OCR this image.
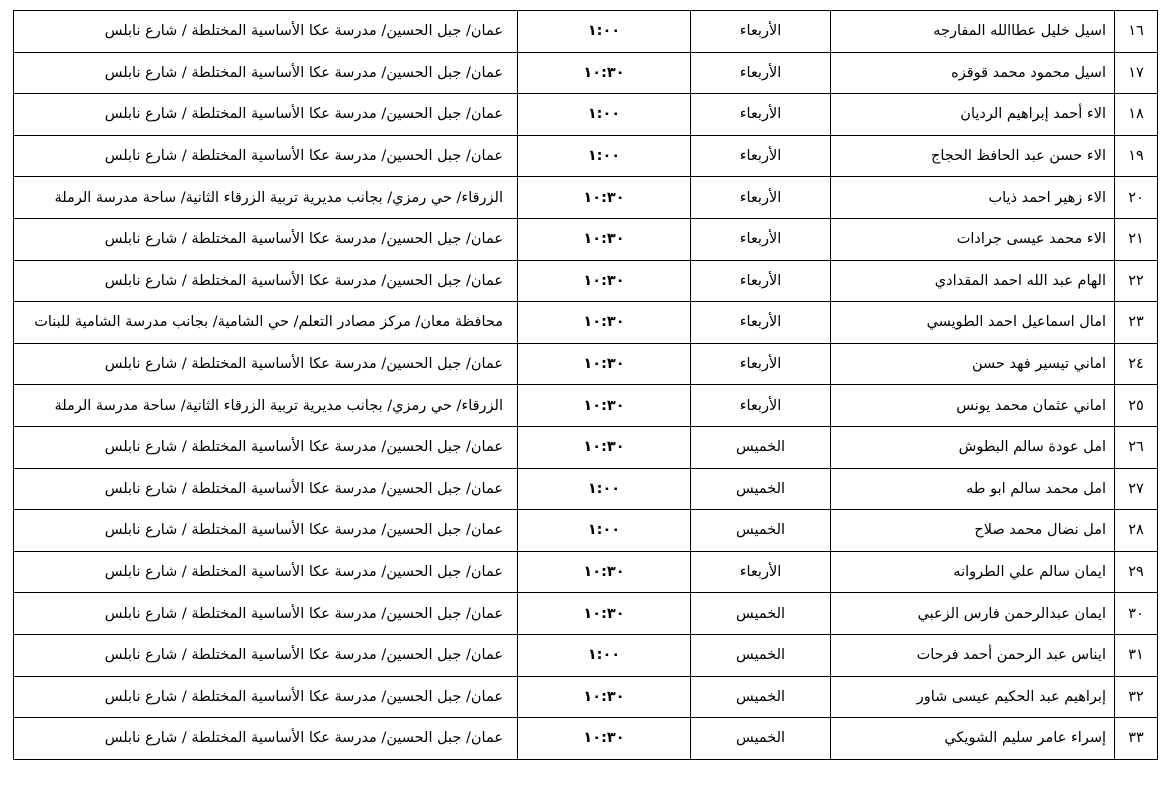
١٦	اسيل خليل عطاالله المفارجه	الأربعاء	١:٠٠	عمان/ جبل الحسين/ مدرسة عكا الأساسية المختلطة / شارع نابلس
١٧	اسيل محمود محمد قوقزه	الأربعاء	١٠:٣٠	عمان/ جبل الحسين/ مدرسة عكا الأساسية المختلطة / شارع نابلس
١٨	الاء أحمد إبراهيم الرديان	الأربعاء	١:٠٠	عمان/ جبل الحسين/ مدرسة عكا الأساسية المختلطة / شارع نابلس
١٩	الاء حسن عبد الحافظ الحجاج	الأربعاء	١:٠٠	عمان/ جبل الحسين/ مدرسة عكا الأساسية المختلطة / شارع نابلس
٢٠	الاء زهير احمد ذياب	الأربعاء	١٠:٣٠	الزرقاء/ حي رمزي/ بجانب مديرية تربية الزرقاء الثانية/ ساحة مدرسة الرملة
٢١	الاء محمد عيسى جرادات	الأربعاء	١٠:٣٠	عمان/ جبل الحسين/ مدرسة عكا الأساسية المختلطة / شارع نابلس
٢٢	الهام عبد الله احمد المقدادي	الأربعاء	١٠:٣٠	عمان/ جبل الحسين/ مدرسة عكا الأساسية المختلطة / شارع نابلس
٢٣	امال اسماعيل احمد الطويسي	الأربعاء	١٠:٣٠	محافظة معان/ مركز مصادر التعلم/ حي الشامية/ بجانب مدرسة الشامية للبنات
٢٤	اماني تيسير فهد حسن	الأربعاء	١٠:٣٠	عمان/ جبل الحسين/ مدرسة عكا الأساسية المختلطة / شارع نابلس
٢٥	اماني عثمان محمد يونس	الأربعاء	١٠:٣٠	الزرقاء/ حي رمزي/ بجانب مديرية تربية الزرقاء الثانية/ ساحة مدرسة الرملة
٢٦	امل عودة سالم البطوش	الخميس	١٠:٣٠	عمان/ جبل الحسين/ مدرسة عكا الأساسية المختلطة / شارع نابلس
٢٧	امل محمد سالم ابو طه	الخميس	١:٠٠	عمان/ جبل الحسين/ مدرسة عكا الأساسية المختلطة / شارع نابلس
٢٨	امل نضال محمد صلاح	الخميس	١:٠٠	عمان/ جبل الحسين/ مدرسة عكا الأساسية المختلطة / شارع نابلس
٢٩	ايمان سالم علي الطروانه	الأربعاء	١٠:٣٠	عمان/ جبل الحسين/ مدرسة عكا الأساسية المختلطة / شارع نابلس
٣٠	ايمان عبدالرحمن فارس الزعبي	الخميس	١٠:٣٠	عمان/ جبل الحسين/ مدرسة عكا الأساسية المختلطة / شارع نابلس
٣١	ايناس عبد الرحمن أحمد فرحات	الخميس	١:٠٠	عمان/ جبل الحسين/ مدرسة عكا الأساسية المختلطة / شارع نابلس
٣٢	إبراهيم عبد الحكيم عيسى شاور	الخميس	١٠:٣٠	عمان/ جبل الحسين/ مدرسة عكا الأساسية المختلطة / شارع نابلس
٣٣	إسراء عامر سليم الشويكي	الخميس	١٠:٣٠	عمان/ جبل الحسين/ مدرسة عكا الأساسية المختلطة / شارع نابلس
